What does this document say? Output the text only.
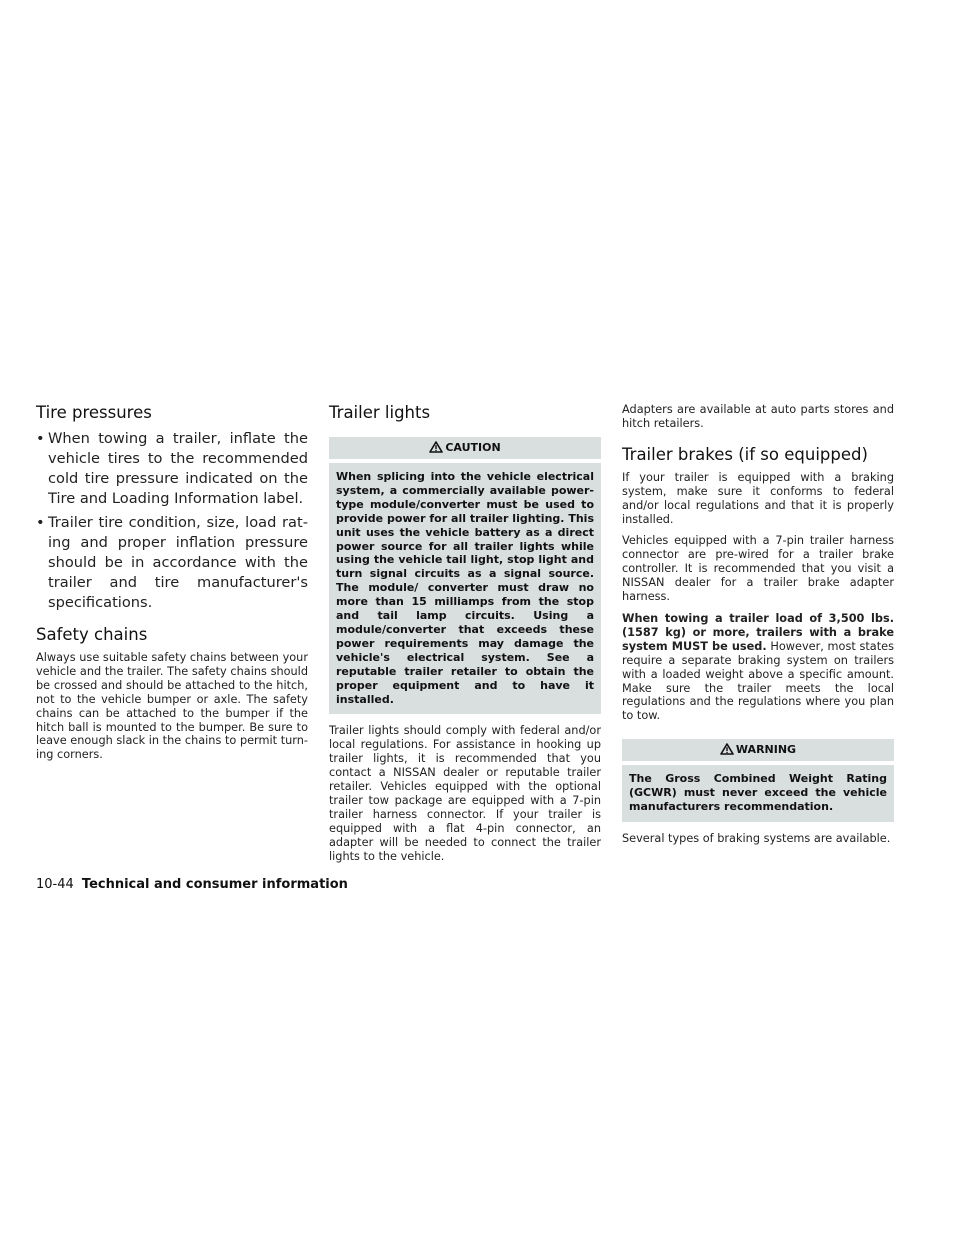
Tire pressures
• When towing a trailer, inflate the vehicle tires to the recommended cold tire pressure indicated on the Tire and Loading Information label.
• Trailer tire condition, size, load rating and proper inflation pressure should be in accordance with the trailer and tire manufacturer's specifications.
Safety chains

Always use suitable safety chains between your vehicle and the trailer. The safety chains should be crossed and should be attached to the hitch, not to the vehicle bumper or axle. The safety chains can be attached to the bumper if the hitch ball is mounted to the bumper. Be sure to leave enough slack in the chains to permit turning corners.

Trailer lights
CAUTION
When splicing into the vehicle electrical system, a commercially available power-type module/converter must be used to provide power for all trailer lighting. This unit uses the vehicle battery as a direct power source for all trailer lights while using the vehicle tail light, stop light and turn signal circuits as a signal source. The module/ converter must draw no more than 15 milliamps from the stop and tail lamp circuits. Using a module/converter that exceeds these power requirements may damage the vehicle's electrical system. See a reputable trailer retailer to obtain the proper equipment and to have it installed.

Trailer lights should comply with federal and/or local regulations. For assistance in hooking up trailer lights, it is recommended that you contact a NISSAN dealer or reputable trailer retailer. Vehicles equipped with the optional trailer tow package are equipped with a 7-pin trailer harness connector. If your trailer is equipped with a flat 4-pin connector, an adapter will be needed to connect the trailer lights to the vehicle.

Adapters are available at auto parts stores and hitch retailers.

Trailer brakes (if so equipped)

If your trailer is equipped with a braking system, make sure it conforms to federal and/or local regulations and that it is properly installed.

Vehicles equipped with a 7-pin trailer harness connector are pre-wired for a trailer brake controller. It is recommended that you visit a NISSAN dealer for a trailer brake adapter harness.

When towing a trailer load of 3,500 lbs. (1587 kg) or more, trailers with a brake system MUST be used. However, most states require a separate braking system on trailers with a loaded weight above a specific amount. Make sure the trailer meets the local regulations and the regulations where you plan to tow.

WARNING
The Gross Combined Weight Rating (GCWR) must never exceed the vehicle manufacturers recommendation.

Several types of braking systems are available.

10-44 Technical and consumer information
